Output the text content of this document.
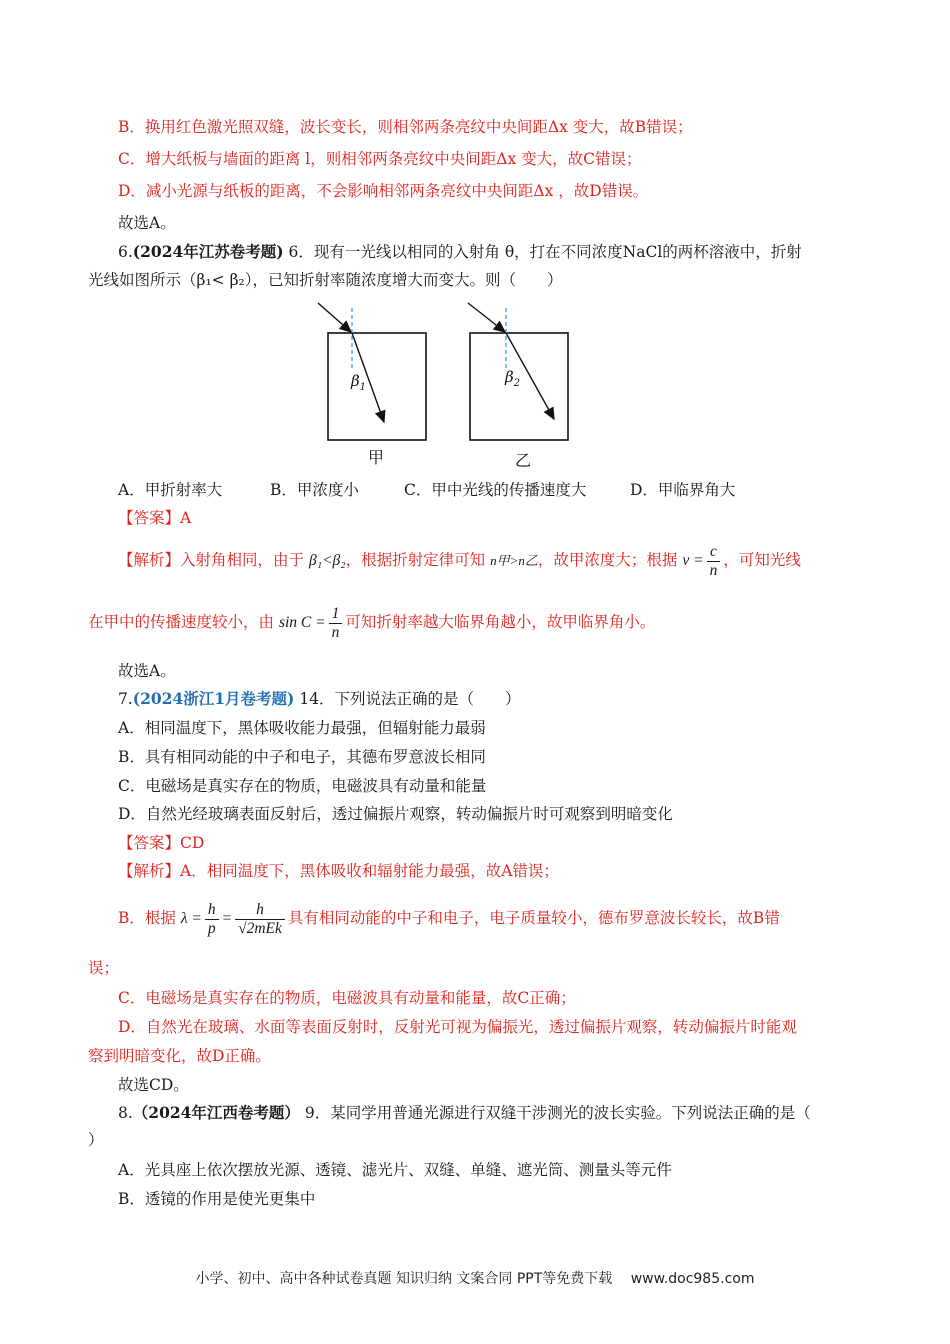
B．换用红色激光照双缝，波长变长，则相邻两条亮纹中央间距Δx 变大，故B错误；
C．增大纸板与墙面的距离 l，则相邻两条亮纹中央间距Δx 变大，故C错误；
D．减小光源与纸板的距离，不会影响相邻两条亮纹中央间距Δx ，故D错误。
故选A。
6.(2024年江苏卷考题) 6．现有一光线以相同的入射角 θ，打在不同浓度NaCl的两杯溶液中，折射
光线如图所示（β₁< β₂），已知折射率随浓度增大而变大。则（　　）
$\beta_1$
甲
$\beta_2$
乙
A．甲折射率大	B．甲浓度小	C．甲中光线的传播速度大	D．甲临界角大
【答案】A
【解析】入射角相同，由于 β₁<β₂，根据折射定律可知 n甲>n乙，故甲浓度大；根据 $v = \frac{c}{n}$ ，可知光线
在甲中的传播速度较小，由 $\sin C = \frac{1}{n}$ 可知折射率越大临界角越小，故甲临界角小。
故选A。
7.(2024浙江1月卷考题) 14．下列说法正确的是（　　）
A．相同温度下，黑体吸收能力最强，但辐射能力最弱
B．具有相同动能的中子和电子，其德布罗意波长相同
C．电磁场是真实存在的物质，电磁波具有动量和能量
D．自然光经玻璃表面反射后，透过偏振片观察，转动偏振片时可观察到明暗变化
【答案】CD
【解析】A．相同温度下，黑体吸收和辐射能力最强，故A错误；
B．根据 $\lambda = \frac{h}{p} = \frac{h}{\text{√2mEk}}$ 具有相同动能的中子和电子，电子质量较小，德布罗意波长较长，故B错
误；
C．电磁场是真实存在的物质，电磁波具有动量和能量，故C正确；
D．自然光在玻璃、水面等表面反射时，反射光可视为偏振光，透过偏振片观察，转动偏振片时能观
察到明暗变化，故D正确。
故选CD。
8.（2024年江西卷考题） 9．某同学用普通光源进行双缝干涉测光的波长实验。下列说法正确的是（
）
A．光具座上依次摆放光源、透镜、滤光片、双缝、单缝、遮光筒、测量头等元件
B．透镜的作用是使光更集中
小学、初中、高中各种试卷真题 知识归纳 文案合同 PPT等免费下载　 www.doc985.com
